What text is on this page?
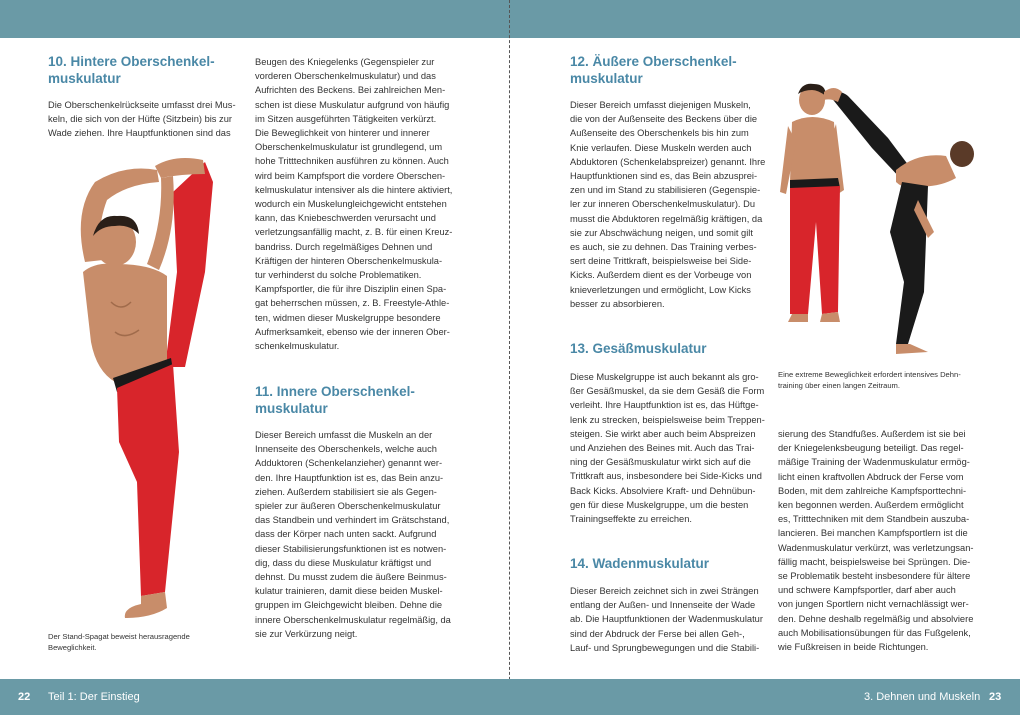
10. Hintere Oberschenkel-
muskulatur

Die Oberschenkelrückseite umfasst drei Mus-
keln, die sich von der Hüfte (Sitzbein) bis zur
Wade ziehen. Ihre Hauptfunktionen sind das

Der Stand-Spagat beweist herausragende
Beweglichkeit.

Beugen des Kniegelenks (Gegenspieler zur
vorderen Oberschenkelmuskulatur) und das
Aufrichten des Beckens. Bei zahlreichen Men-
schen ist diese Muskulatur aufgrund von häufig
im Sitzen ausgeführten Tätigkeiten verkürzt.
Die Beweglichkeit von hinterer und innerer
Oberschenkelmuskulatur ist grundlegend, um
hohe Tritttechniken ausführen zu können. Auch
wird beim Kampfsport die vordere Oberschen-
kelmuskulatur intensiver als die hintere aktiviert,
wodurch ein Muskelungleichgewicht entstehen
kann, das Kniebeschwerden verursacht und
verletzungsanfällig macht, z. B. für einen Kreuz-
bandriss. Durch regelmäßiges Dehnen und
Kräftigen der hinteren Oberschenkelmuskula-
tur verhinderst du solche Problematiken.
Kampfsportler, die für ihre Disziplin einen Spa-
gat beherrschen müssen, z. B. Freestyle-Athle-
ten, widmen dieser Muskelgruppe besondere
Aufmerksamkeit, ebenso wie der inneren Ober-
schenkelmuskulatur.

11. Innere Oberschenkel-
muskulatur

Dieser Bereich umfasst die Muskeln an der
Innenseite des Oberschenkels, welche auch
Adduktoren (Schenkelanzieher) genannt wer-
den. Ihre Hauptfunktion ist es, das Bein anzu-
ziehen. Außerdem stabilisiert sie als Gegen-
spieler zur äußeren Oberschenkelmuskulatur
das Standbein und verhindert im Grätschstand,
dass der Körper nach unten sackt. Aufgrund
dieser Stabilisierungsfunktionen ist es notwen-
dig, dass du diese Muskulatur kräftigst und
dehnst. Du musst zudem die äußere Beinmus-
kulatur trainieren, damit diese beiden Muskel-
gruppen im Gleichgewicht bleiben. Dehne die
innere Oberschenkelmuskulatur regelmäßig, da
sie zur Verkürzung neigt.

12. Äußere Oberschenkel-
muskulatur

Dieser Bereich umfasst diejenigen Muskeln,
die von der Außenseite des Beckens über die
Außenseite des Oberschenkels bis hin zum
Knie verlaufen. Diese Muskeln werden auch
Abduktoren (Schenkelabspreizer) genannt. Ihre
Hauptfunktionen sind es, das Bein abzusprei-
zen und im Stand zu stabilisieren (Gegenspie-
ler zur inneren Oberschenkelmuskulatur). Du
musst die Abduktoren regelmäßig kräftigen, da
sie zur Abschwächung neigen, und somit gilt
es auch, sie zu dehnen. Das Training verbes-
sert deine Trittkraft, beispielsweise bei Side-
Kicks. Außerdem dient es der Vorbeuge von
knieverletzungen und ermöglicht, Low Kicks
besser zu absorbieren.

Eine extreme Beweglichkeit erfordert intensives Dehn-
training über einen langen Zeitraum.

13. Gesäßmuskulatur

Diese Muskelgruppe ist auch bekannt als gro-
ßer Gesäßmuskel, da sie dem Gesäß die Form
verleiht. Ihre Hauptfunktion ist es, das Hüftge-
lenk zu strecken, beispielsweise beim Treppen-
steigen. Sie wirkt aber auch beim Abspreizen
und Anziehen des Beines mit. Auch das Trai-
ning der Gesäßmuskulatur wirkt sich auf die
Trittkraft aus, insbesondere bei Side-Kicks und
Back Kicks. Absolviere Kraft- und Dehnübun-
gen für diese Muskelgruppe, um die besten
Trainingseffekte zu erreichen.

14. Wadenmuskulatur

Dieser Bereich zeichnet sich in zwei Strängen
entlang der Außen- und Innenseite der Wade
ab. Die Hauptfunktionen der Wadenmuskulatur
sind der Abdruck der Ferse bei allen Geh-,
Lauf- und Sprungbewegungen und die Stabili-

sierung des Standfußes. Außerdem ist sie bei
der Kniegelenksbeugung beteiligt. Das regel-
mäßige Training der Wadenmuskulatur ermög-
licht einen kraftvollen Abdruck der Ferse vom
Boden, mit dem zahlreiche Kampfsporttechni-
ken begonnen werden. Außerdem ermöglicht
es, Tritttechniken mit dem Standbein auszuba-
lancieren. Bei manchen Kampfsportlern ist die
Wadenmuskulatur verkürzt, was verletzungsan-
fällig macht, beispielsweise bei Sprüngen. Die-
se Problematik besteht insbesondere für ältere
und schwere Kampfsportler, darf aber auch
von jungen Sportlern nicht vernachlässigt wer-
den. Dehne deshalb regelmäßig und absolviere
auch Mobilisationsübungen für das Fußgelenk,
wie Fußkreisen in beide Richtungen.

22 Teil 1: Der Einstieg	3. Dehnen und Muskeln 23
